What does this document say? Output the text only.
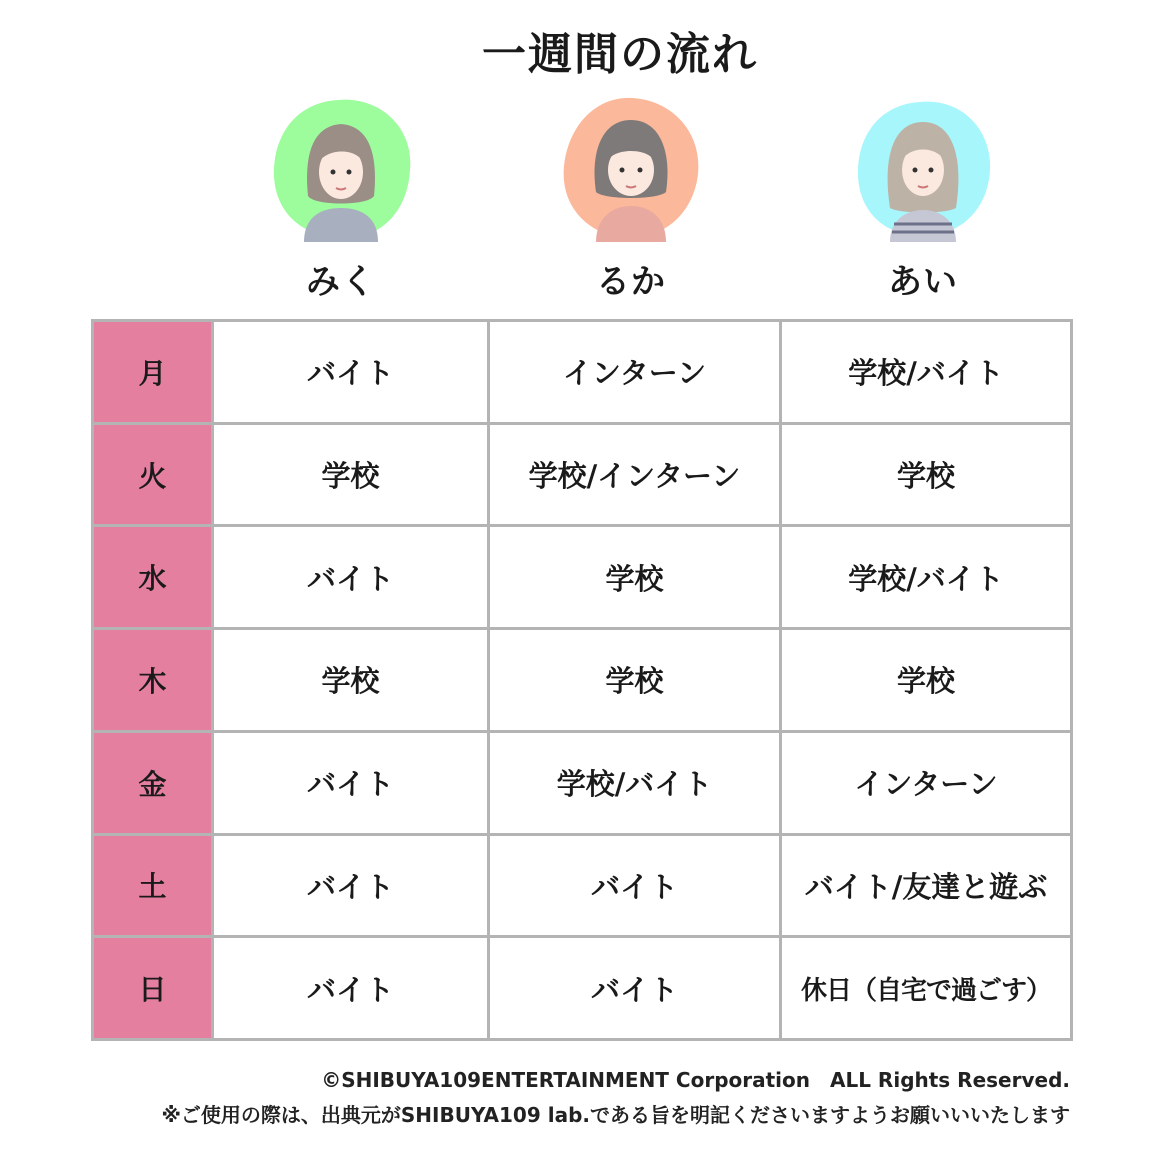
一週間の流れ
みく	るか	あい
月	バイト	インターン	学校/バイト
火	学校	学校/インターン	学校
水	バイト	学校	学校/バイト
木	学校	学校	学校
金	バイト	学校/バイト	インターン
土	バイト	バイト	バイト/友達と遊ぶ
日	バイト	バイト	休日（自宅で過ごす）
©SHIBUYA109ENTERTAINMENT Corporation　ALL Rights Reserved.
※ご使用の際は、出典元がSHIBUYA109 lab.である旨を明記くださいますようお願いいいたします
